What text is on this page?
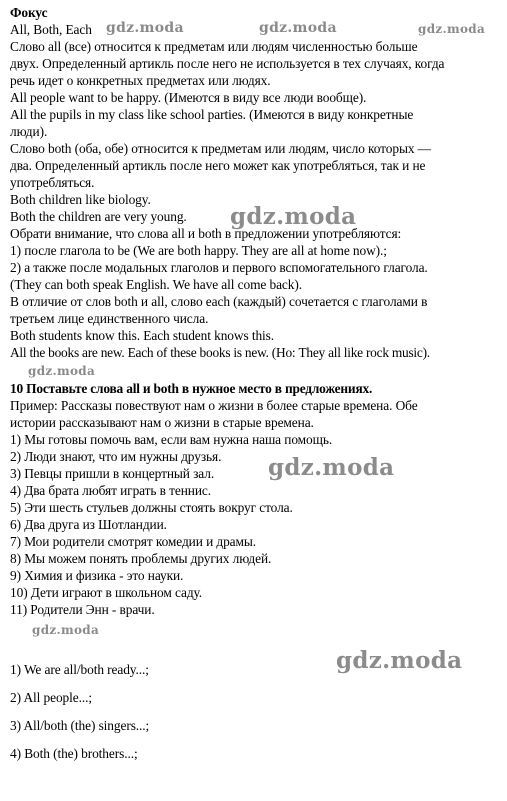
Фокус
All, Both, Each
Слово all (все) относится к предметам или людям численностью больше
двух. Определенный артикль после него не используется в тех случаях, когда
речь идет о конкретных предметах или людях.
All people want to be happy. (Имеются в виду все люди вообще).
All the pupils in my class like school parties. (Имеются в виду конкретные
люди).
Слово both (оба, обе) относится к предметам или людям, число которых —
два. Определенный артикль после него может как употребляться, так и не
употребляться.
Both children like biology.
Both the children are very young.
Обрати внимание, что слова all и both в предложении употребляются:
1) после глагола to be (We are both happy. They are all at home now).;
2) а также после модальных глаголов и первого вспомогательного глагола.
(They can both speak English. We have all come back).
В отличие от слов both и all, слово each (каждый) сочетается с глаголами в
третьем лице единственного числа.
Both students know this. Each student knows this.
All the books are new. Each of these books is new. (Но: They all like rock music).
10 Поставьте слова all и both в нужное место в предложениях.
Пример: Рассказы повествуют нам о жизни в более старые времена. Обе
истории рассказывают нам о жизни в старые времена.
1) Мы готовы помочь вам, если вам нужна наша помощь.
2) Люди знают, что им нужны друзья.
3) Певцы пришли в концертный зал.
4) Два брата любят играть в теннис.
5) Эти шесть стульев должны стоять вокруг стола.
6) Два друга из Шотландии.
7) Мои родители смотрят комедии и драмы.
8) Мы можем понять проблемы других людей.
9) Химия и физика - это науки.
10) Дети играют в школьном саду.
11) Родители Энн - врачи.
1) We are all/both ready...;
2) All people...;
3) All/both (the) singers...;
4) Both (the) brothers...;
gdz.moda	gdz.moda	gdz.moda
gdz.moda
gdz.moda
gdz.moda
gdz.moda
gdz.moda
